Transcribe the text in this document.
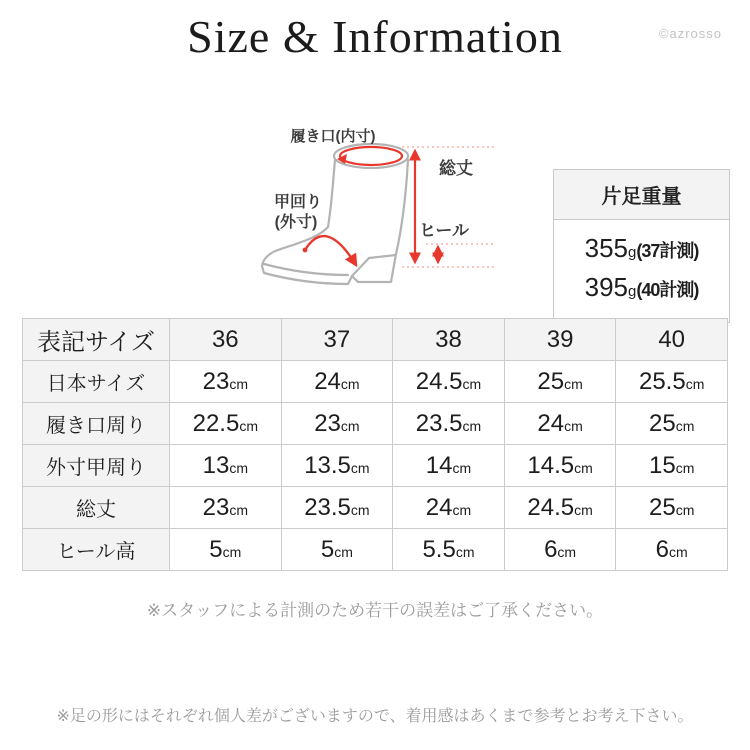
Size & Information	©azrosso
履き口(内寸)
甲回り
(外寸)
総丈
ヒール
片足重量
355g(37計測)
395g(40計測)
表記サイズ	36	37	38	39	40
日本サイズ	23cm	24cm	24.5cm	25cm	25.5cm
履き口周り	22.5cm	23cm	23.5cm	24cm	25cm
外寸甲周り	13cm	13.5cm	14cm	14.5cm	15cm
総丈	23cm	23.5cm	24cm	24.5cm	25cm
ヒール高	5cm	5cm	5.5cm	6cm	6cm
※スタッフによる計測のため若干の誤差はご了承ください。
※足の形にはそれぞれ個人差がございますので、着用感はあくまで参考とお考え下さい。
